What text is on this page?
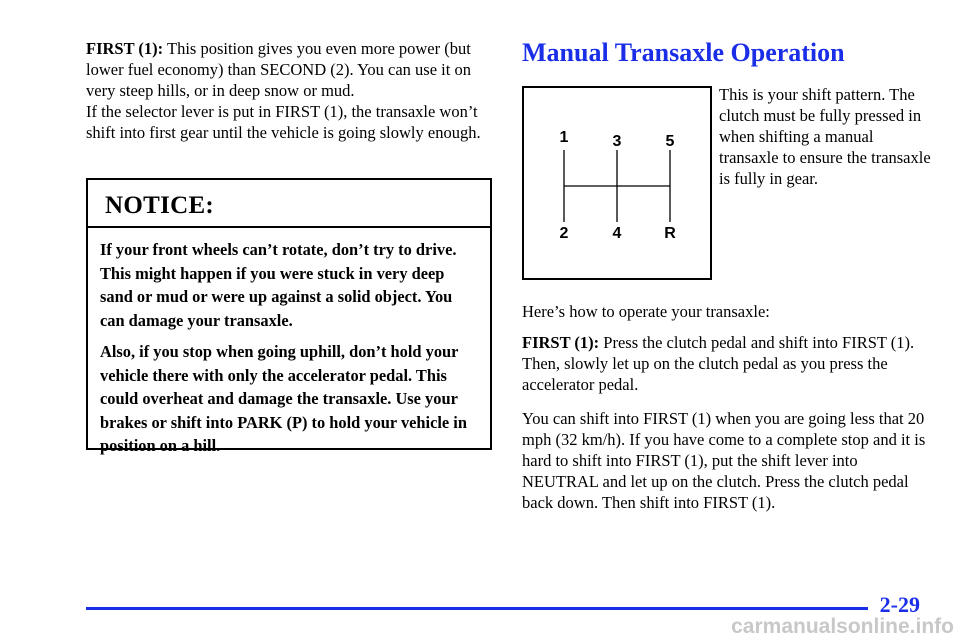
FIRST (1): This position gives you even more power (but lower fuel economy) than SECOND (2). You can use it on very steep hills, or in deep snow or mud.

If the selector lever is put in FIRST (1), the transaxle won’t shift into first gear until the vehicle is going slowly enough.

NOTICE:

If your front wheels can’t rotate, don’t try to drive. This might happen if you were stuck in very deep sand or mud or were up against a solid object. You can damage your transaxle.

Also, if you stop when going uphill, don’t hold your vehicle there with only the accelerator pedal. This could overheat and damage the transaxle. Use your brakes or shift into PARK (P) to hold your vehicle in position on a hill.

Manual Transaxle Operation
1	3	5
2	4	R

This is your shift pattern. The clutch must be fully pressed in when shifting a manual transaxle to ensure the transaxle is fully in gear.

Here’s how to operate your transaxle:

FIRST (1): Press the clutch pedal and shift into FIRST (1). Then, slowly let up on the clutch pedal as you press the accelerator pedal.

You can shift into FIRST (1) when you are going less that 20 mph (32 km/h). If you have come to a complete stop and it is hard to shift into FIRST (1), put the shift lever into NEUTRAL and let up on the clutch. Press the clutch pedal back down. Then shift into FIRST (1).

2-29
carmanualsonline.info
